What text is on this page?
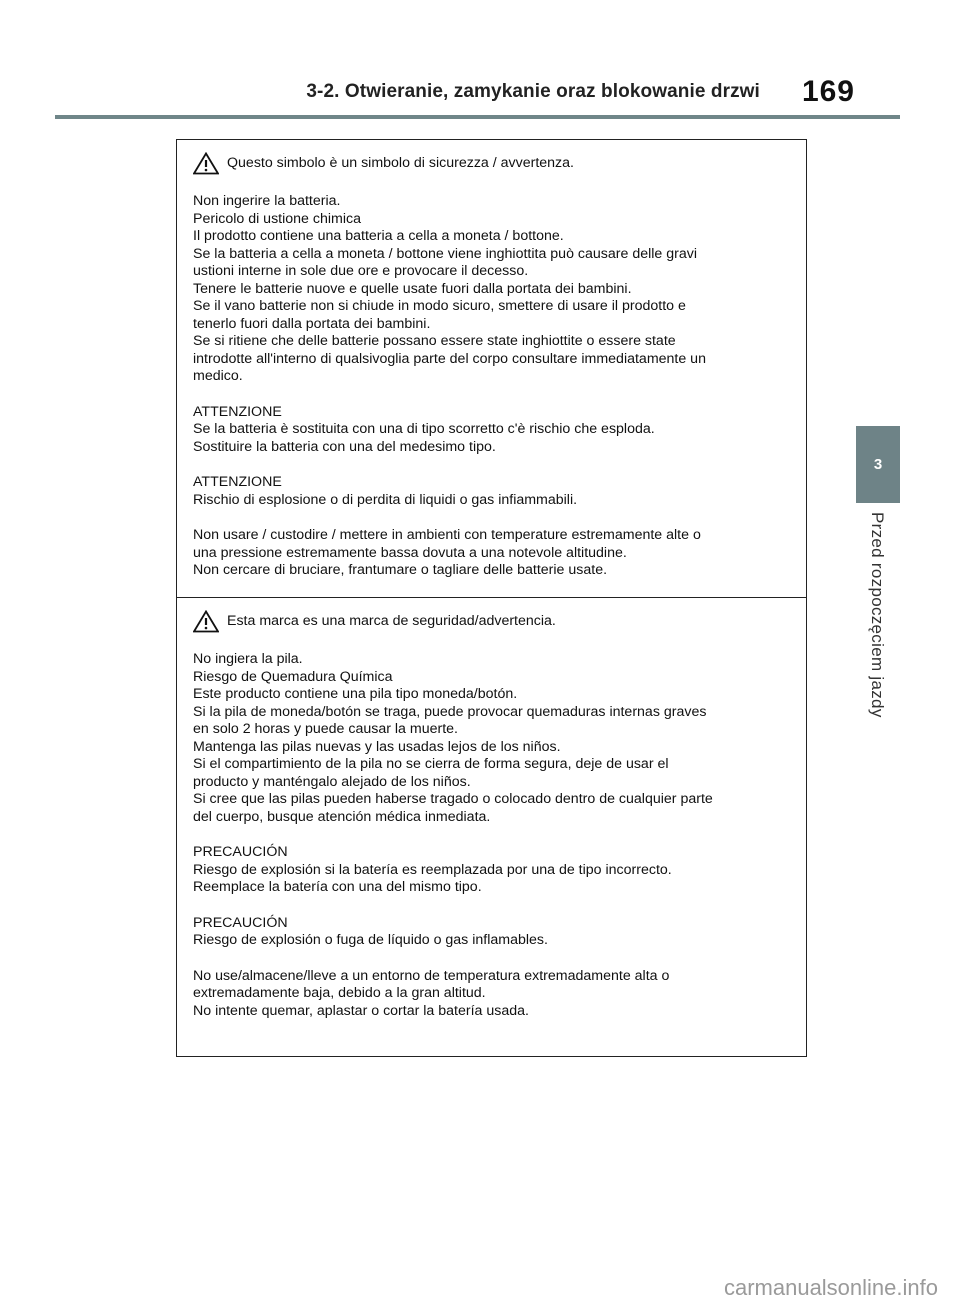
3-2. Otwieranie, zamykanie oraz blokowanie drzwi 169
3
Przed rozpoczęciem jazdy
Questo simbolo è un simbolo di sicurezza / avvertenza.
Non ingerire la batteria.
Pericolo di ustione chimica
Il prodotto contiene una batteria a cella a moneta / bottone.
Se la batteria a cella a moneta / bottone viene inghiottita può causare delle gravi
ustioni interne in sole due ore e provocare il decesso.
Tenere le batterie nuove e quelle usate fuori dalla portata dei bambini.
Se il vano batterie non si chiude in modo sicuro, smettere di usare il prodotto e
tenerlo fuori dalla portata dei bambini.
Se si ritiene che delle batterie possano essere state inghiottite o essere state
introdotte all'interno di qualsivoglia parte del corpo consultare immediatamente un
medico.
ATTENZIONE
Se la batteria è sostituita con una di tipo scorretto c'è rischio che esploda.
Sostituire la batteria con una del medesimo tipo.
ATTENZIONE
Rischio di esplosione o di perdita di liquidi o gas infiammabili.
Non usare / custodire / mettere in ambienti con temperature estremamente alte o
una pressione estremamente bassa dovuta a una notevole altitudine.
Non cercare di bruciare, frantumare o tagliare delle batterie usate.
Esta marca es una marca de seguridad/advertencia.
No ingiera la pila.
Riesgo de Quemadura Química
Este producto contiene una pila tipo moneda/botón.
Si la pila de moneda/botón se traga, puede provocar quemaduras internas graves
en solo 2 horas y puede causar la muerte.
Mantenga las pilas nuevas y las usadas lejos de los niños.
Si el compartimiento de la pila no se cierra de forma segura, deje de usar el
producto y manténgalo alejado de los niños.
Si cree que las pilas pueden haberse tragado o colocado dentro de cualquier parte
del cuerpo, busque atención médica inmediata.
PRECAUCIÓN
Riesgo de explosión si la batería es reemplazada por una de tipo incorrecto.
Reemplace la batería con una del mismo tipo.
PRECAUCIÓN
Riesgo de explosión o fuga de líquido o gas inflamables.
No use/almacene/lleve a un entorno de temperatura extremadamente alta o
extremadamente baja, debido a la gran altitud.
No intente quemar, aplastar o cortar la batería usada.
carmanualsonline.info
